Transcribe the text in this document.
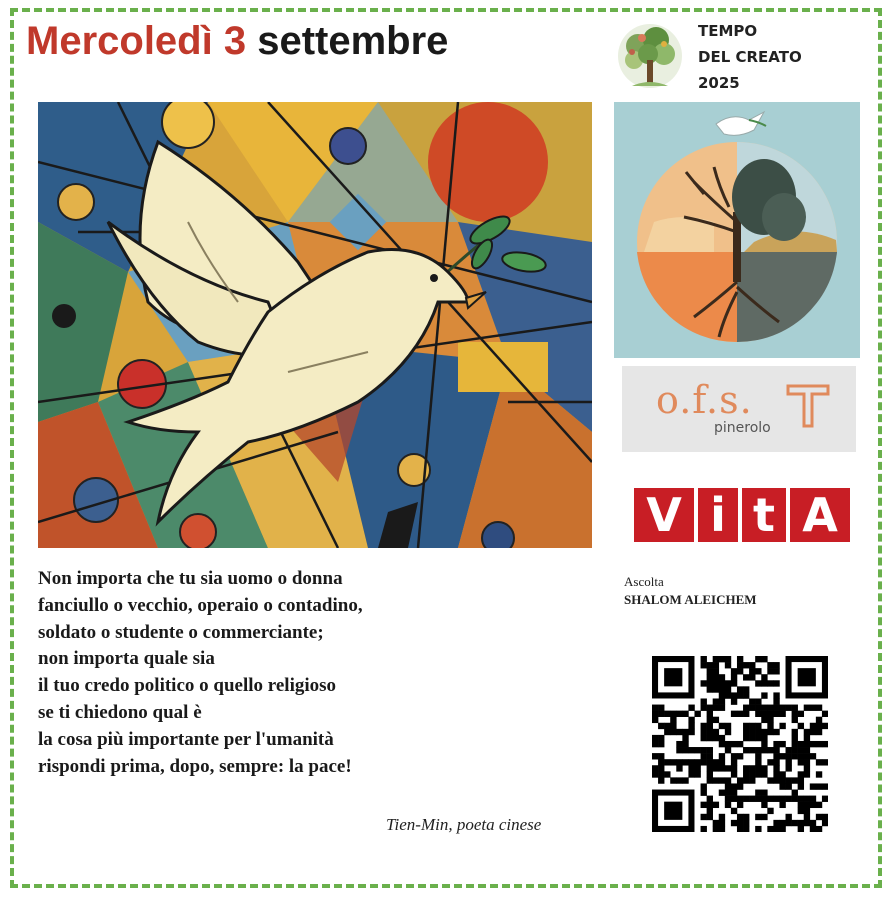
Mercoledì 3 settembre	TEMPO
DEL CREATO
2025
o.f.s.
pinerolo
V i t A
Ascolta
SHALOM ALEICHEM
Non importa che tu sia uomo o donna
fanciullo o vecchio, operaio o contadino,
soldato o studente o commerciante;
non importa quale sia
il tuo credo politico o quello religioso
se ti chiedono qual è
la cosa più importante per l'umanità
rispondi prima, dopo, sempre: la pace!
Tien-Min, poeta cinese
